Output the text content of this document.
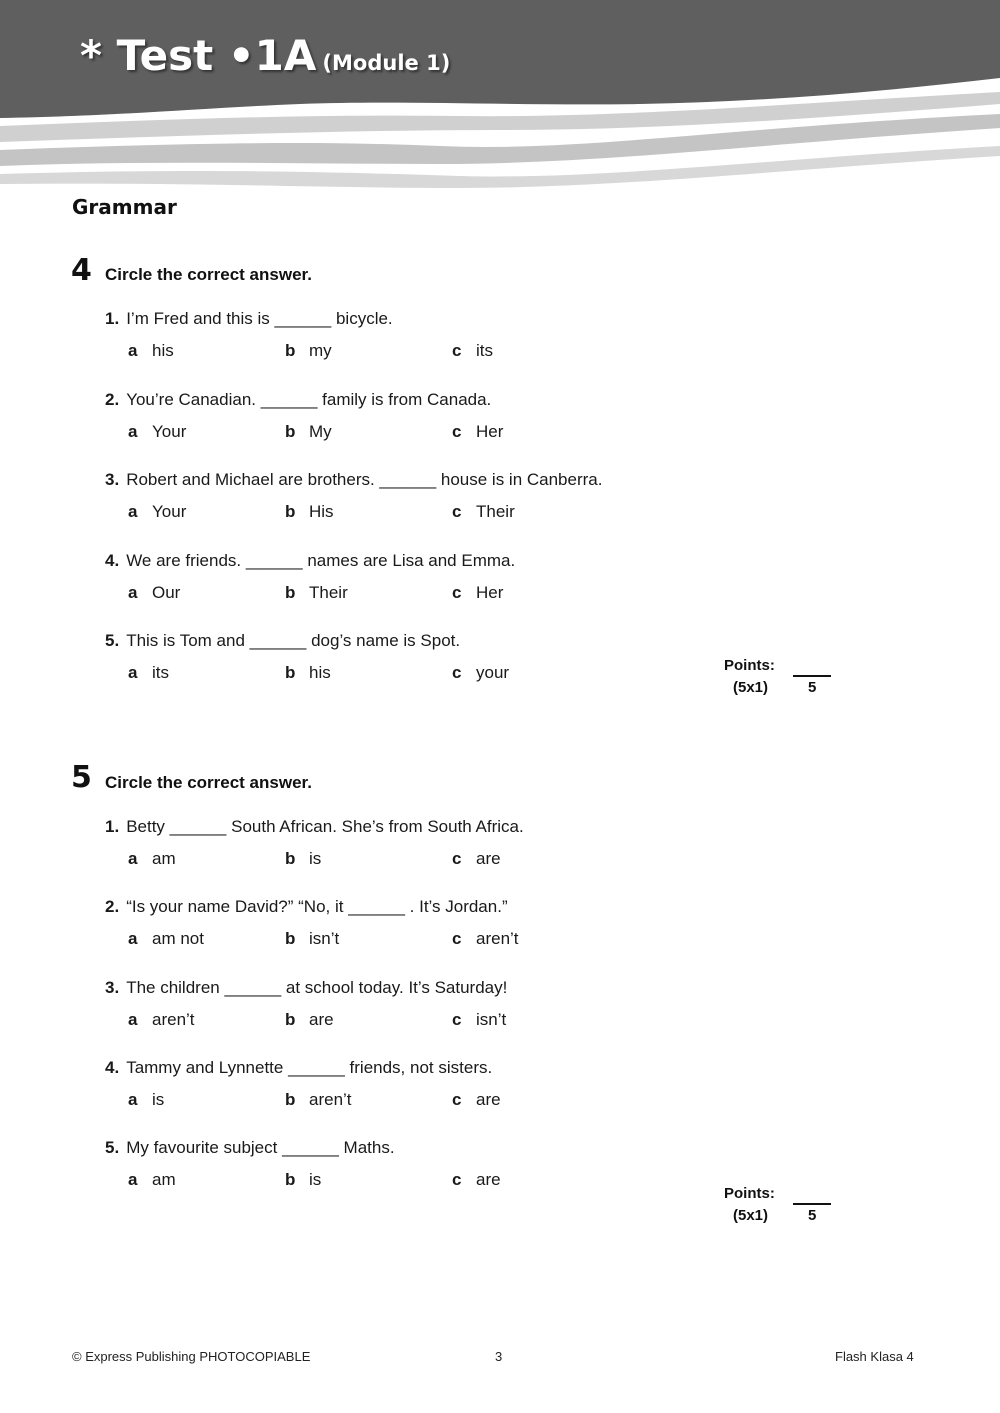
* Test •1A (Module 1)
Grammar
4 Circle the correct answer.
1. I’m Fred and this is ______ bicycle.
a his	b my	c its
2. You’re Canadian. ______ family is from Canada.
a Your	b My	c Her
3. Robert and Michael are brothers. ______ house is in Canberra.
a Your	b His	c Their
4. We are friends. ______ names are Lisa and Emma.
a Our	b Their	c Her
5. This is Tom and ______ dog’s name is Spot.
a its	b his	c your	Points:
(5x1)	5
5 Circle the correct answer.
1. Betty ______ South African. She’s from South Africa.
a am	b is	c are
2. “Is your name David?” “No, it ______ . It’s Jordan.”
a am not	b isn’t	c aren’t
3. The children ______ at school today. It’s Saturday!
a aren’t	b are	c isn’t
4. Tammy and Lynnette ______ friends, not sisters.
a is	b aren’t	c are
5. My favourite subject ______ Maths.
a am	b is	c are
Points:
(5x1)	5
© Express Publishing PHOTOCOPIABLE	3	Flash Klasa 4
